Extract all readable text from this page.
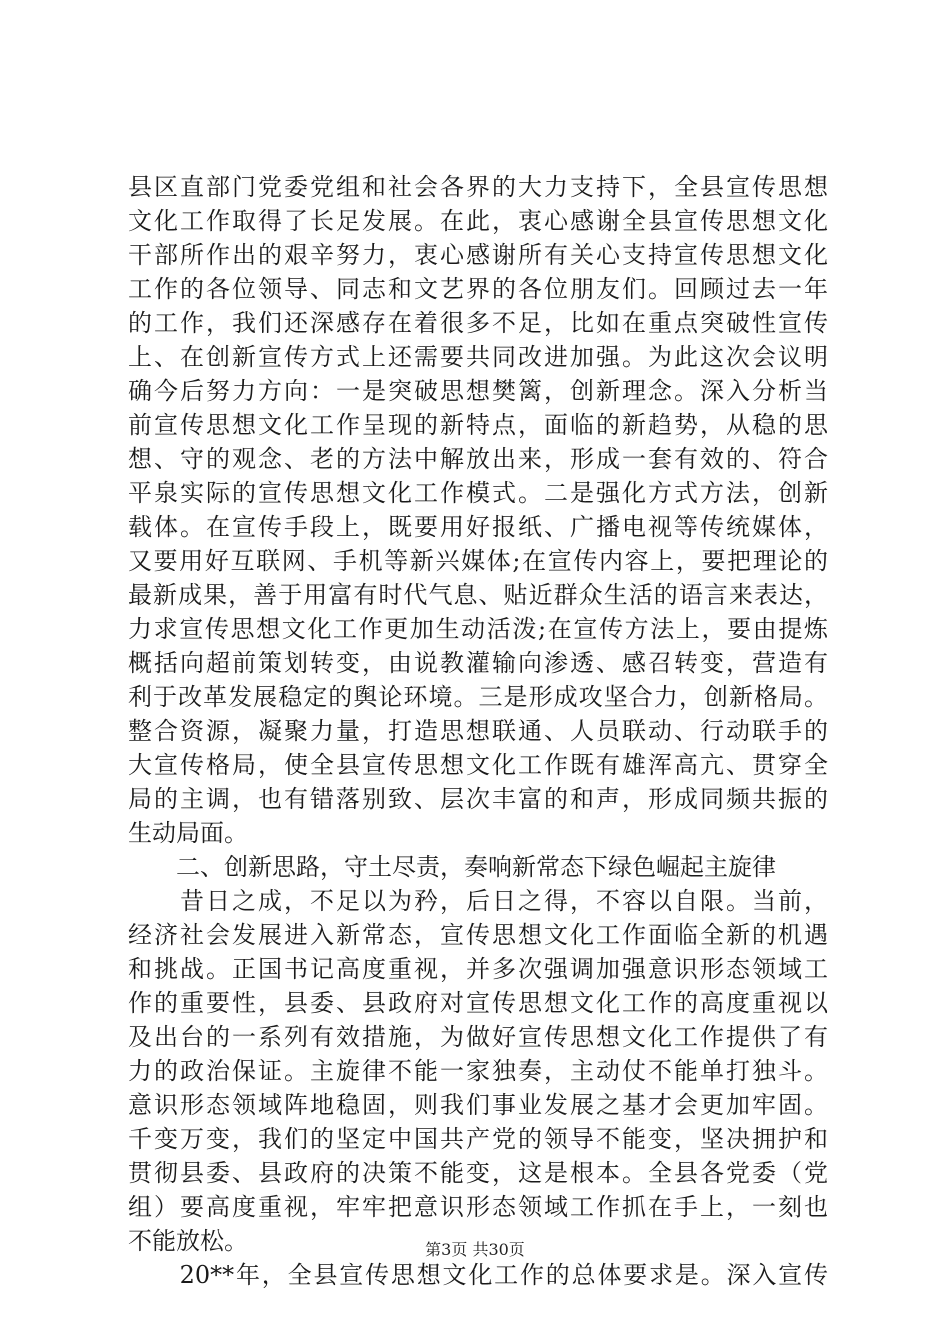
县区直部门党委党组和社会各界的大力支持下，全县宣传思想
文化工作取得了长足发展。在此，衷心感谢全县宣传思想文化
干部所作出的艰辛努力，衷心感谢所有关心支持宣传思想文化
工作的各位领导、同志和文艺界的各位朋友们。回顾过去一年
的工作，我们还深感存在着很多不足，比如在重点突破性宣传
上、在创新宣传方式上还需要共同改进加强。为此这次会议明
确今后努力方向：一是突破思想樊篱，创新理念。深入分析当
前宣传思想文化工作呈现的新特点，面临的新趋势，从稳的思
想、守的观念、老的方法中解放出来，形成一套有效的、符合
平泉实际的宣传思想文化工作模式。二是强化方式方法，创新
载体。在宣传手段上，既要用好报纸、广播电视等传统媒体，
又要用好互联网、手机等新兴媒体;在宣传内容上，要把理论的
最新成果，善于用富有时代气息、贴近群众生活的语言来表达，
力求宣传思想文化工作更加生动活泼;在宣传方法上，要由提炼
概括向超前策划转变，由说教灌输向渗透、感召转变，营造有
利于改革发展稳定的舆论环境。三是形成攻坚合力，创新格局。
整合资源，凝聚力量，打造思想联通、人员联动、行动联手的
大宣传格局，使全县宣传思想文化工作既有雄浑高亢、贯穿全
局的主调，也有错落别致、层次丰富的和声，形成同频共振的
生动局面。
　　二、创新思路，守土尽责，奏响新常态下绿色崛起主旋律
　　昔日之成，不足以为矜，后日之得，不容以自限。当前，
经济社会发展进入新常态，宣传思想文化工作面临全新的机遇
和挑战。正国书记高度重视，并多次强调加强意识形态领域工
作的重要性，县委、县政府对宣传思想文化工作的高度重视以
及出台的一系列有效措施，为做好宣传思想文化工作提供了有
力的政治保证。主旋律不能一家独奏，主动仗不能单打独斗。
意识形态领域阵地稳固，则我们事业发展之基才会更加牢固。
千变万变，我们的坚定中国共产党的领导不能变，坚决拥护和
贯彻县委、县政府的决策不能变，这是根本。全县各党委（党
组）要高度重视，牢牢把意识形态领域工作抓在手上，一刻也
不能放松。
　　20**年，全县宣传思想文化工作的总体要求是。深入宣传
第3页 共30页
